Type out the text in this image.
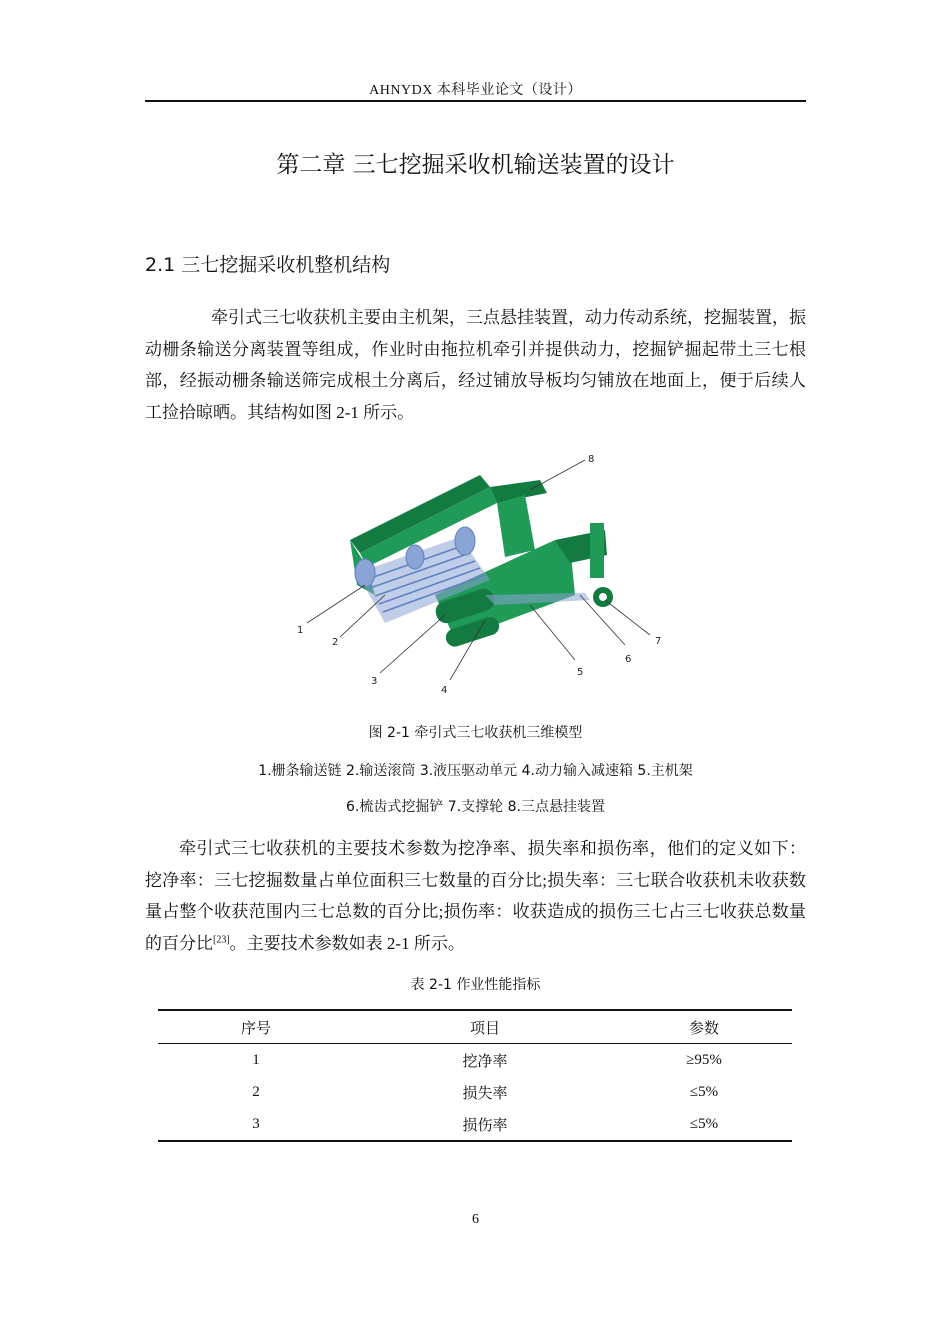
AHNYDX 本科毕业论文（设计）
第二章 三七挖掘采收机输送装置的设计
2.1 三七挖掘采收机整机结构

牵引式三七收获机主要由主机架，三点悬挂装置，动力传动系统，挖掘装置，振动栅条输送分离装置等组成，作业时由拖拉机牵引并提供动力，挖掘铲掘起带土三七根部，经振动栅条输送筛完成根土分离后，经过铺放导板均匀铺放在地面上，便于后续人工捡拾晾晒。其结构如图 2-1 所示。

1
2
3
4
5
6
7
8
图 2-1 牵引式三七收获机三维模型
1.栅条输送链 2.输送滚筒 3.液压驱动单元 4.动力输入减速箱 5.主机架
6.梳齿式挖掘铲 7.支撑轮 8.三点悬挂装置

牵引式三七收获机的主要技术参数为挖净率、损失率和损伤率，他们的定义如下：挖净率：三七挖掘数量占单位面积三七数量的百分比;损失率：三七联合收获机未收获数量占整个收获范围内三七总数的百分比;损伤率：收获造成的损伤三七占三七收获总数量的百分比[23]。主要技术参数如表 2-1 所示。

表 2-1 作业性能指标
序号	项目	参数
1	挖净率	≥95%
2	损失率	≤5%
3	损伤率	≤5%
6
